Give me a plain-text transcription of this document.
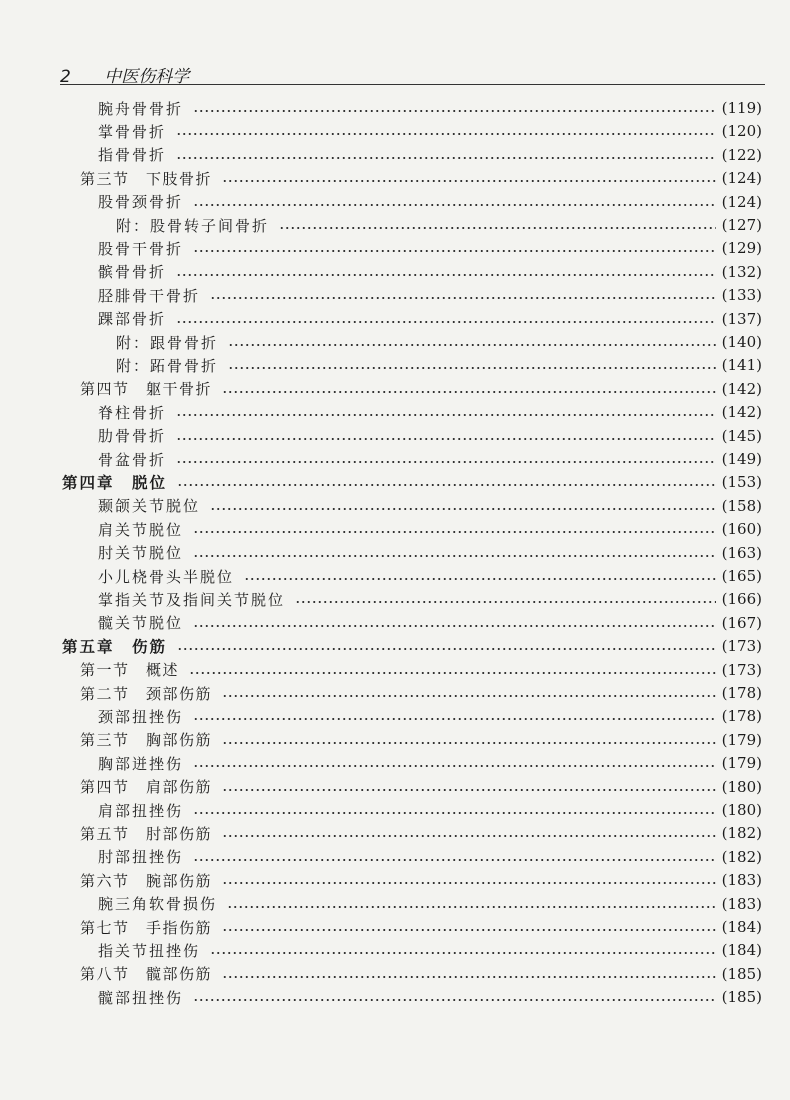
2 中医伤科学
腕舟骨骨折	(119)
掌骨骨折	(120)
指骨骨折	(122)
第三节　下肢骨折	(124)
股骨颈骨折	(124)
附：股骨转子间骨折	(127)
股骨干骨折	(129)
髌骨骨折	(132)
胫腓骨干骨折	(133)
踝部骨折	(137)
附：跟骨骨折	(140)
附：跖骨骨折	(141)
第四节　躯干骨折	(142)
脊柱骨折	(142)
肋骨骨折	(145)
骨盆骨折	(149)
第四章　脱位	(153)
颞颌关节脱位	(158)
肩关节脱位	(160)
肘关节脱位	(163)
小儿桡骨头半脱位	(165)
掌指关节及指间关节脱位	(166)
髋关节脱位	(167)
第五章　伤筋	(173)
第一节　概述	(173)
第二节　颈部伤筋	(178)
颈部扭挫伤	(178)
第三节　胸部伤筋	(179)
胸部迸挫伤	(179)
第四节　肩部伤筋	(180)
肩部扭挫伤	(180)
第五节　肘部伤筋	(182)
肘部扭挫伤	(182)
第六节　腕部伤筋	(183)
腕三角软骨损伤	(183)
第七节　手指伤筋	(184)
指关节扭挫伤	(184)
第八节　髋部伤筋	(185)
髋部扭挫伤	(185)
